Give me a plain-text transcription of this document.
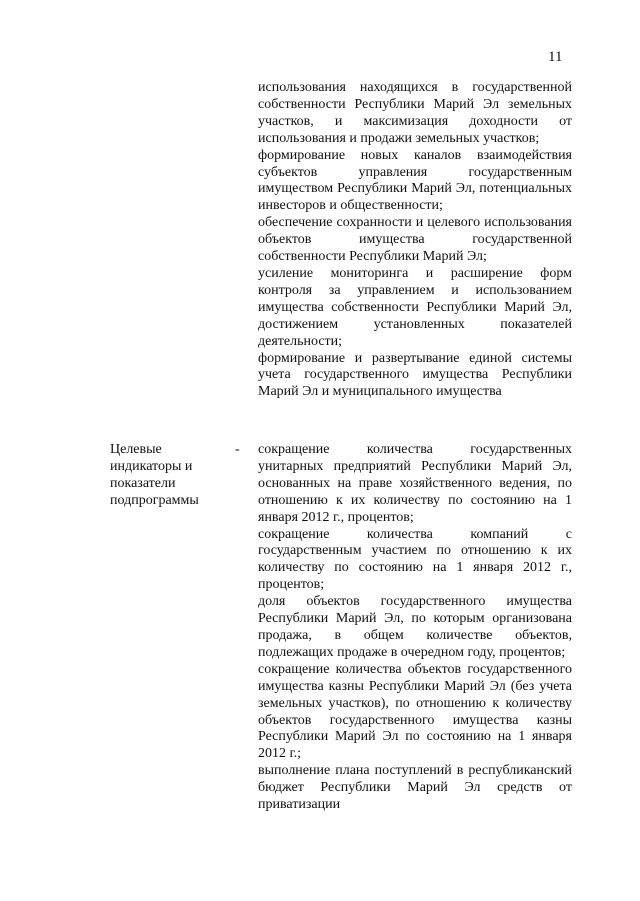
11

использования находящихся в государственной собственности Республики Марий Эл земельных участков, и максимизация доходности от использования и продажи земельных участков;

формирование новых каналов взаимодействия субъектов управления государственным имуществом Республики Марий Эл, потенциальных инвесторов и общественности;

обеспечение сохранности и целевого использования объектов имущества государственной собственности Республики Марий Эл;

усиление мониторинга и расширение форм контроля за управлением и использованием имущества собственности Республики Марий Эл, достижением установленных показателей деятельности;

формирование и развертывание единой системы учета государственного имущества Республики Марий Эл и муниципального имущества

Целевые
индикаторы и
показатели
подпрограммы
- сокращение количества государственных унитарных предприятий Республики Марий Эл, основанных на праве хозяйственного ведения, по отношению к их количеству по состоянию на 1 января 2012 г., процентов;

сокращение количества компаний с государственным участием по отношению к их количеству по состоянию на 1 января 2012 г., процентов;

доля объектов государственного имущества Республики Марий Эл, по которым организована продажа, в общем количестве объектов, подлежащих продаже в очередном году, процентов;

сокращение количества объектов государственного имущества казны Республики Марий Эл (без учета земельных участков), по отношению к количеству объектов государственного имущества казны Республики Марий Эл по состоянию на 1 января 2012 г.;

выполнение плана поступлений в республиканский бюджет Республики Марий Эл средств от приватизации
